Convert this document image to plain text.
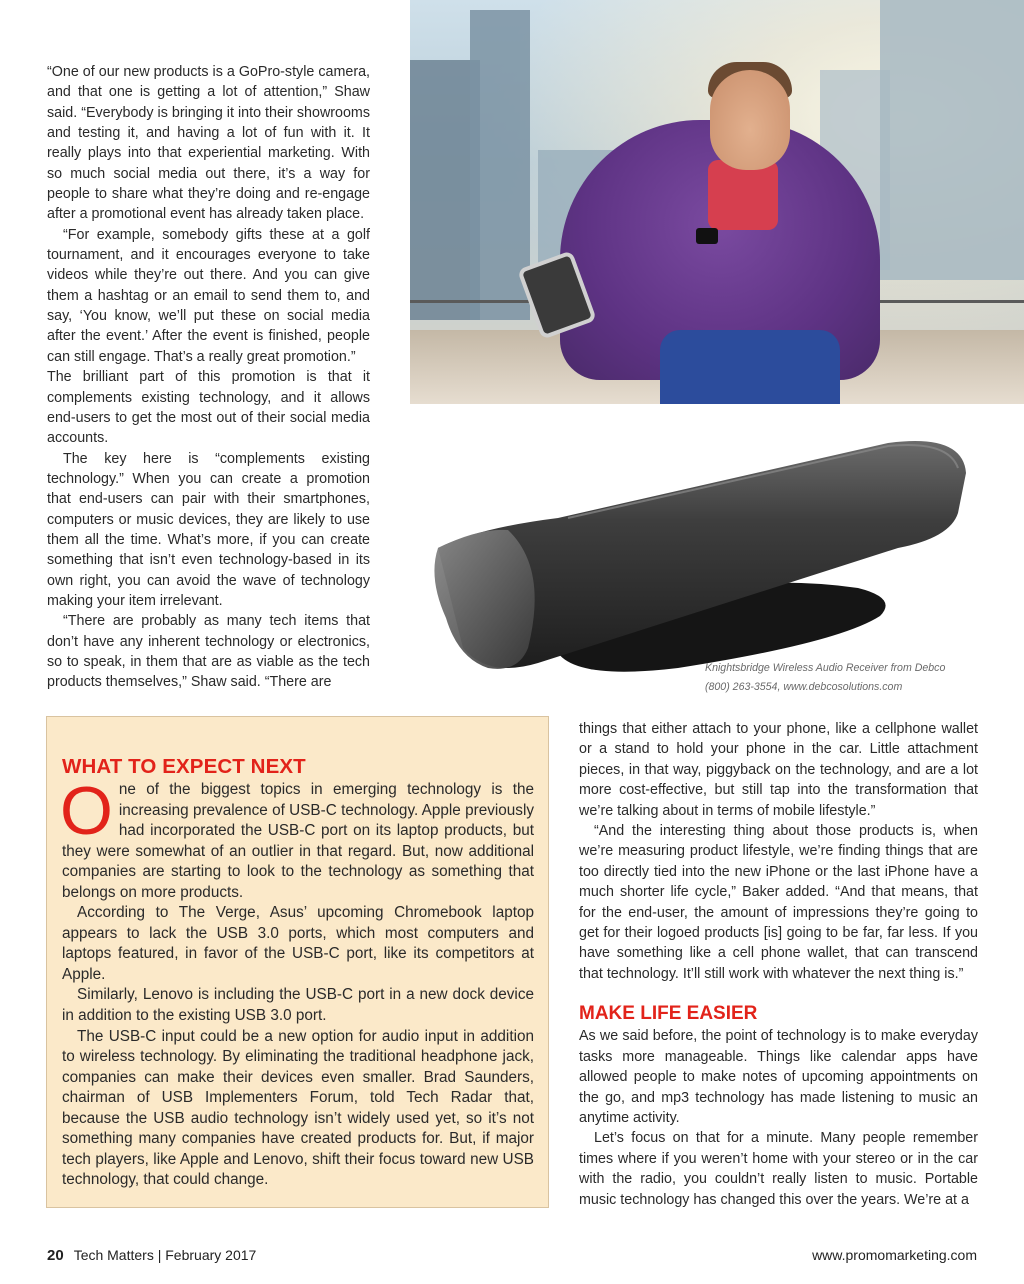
“One of our new products is a GoPro-style camera, and that one is getting a lot of attention,” Shaw said. “Everybody is bringing it into their showrooms and testing it, and having a lot of fun with it. It really plays into that experiential marketing. With so much social media out there, it’s a way for people to share what they’re doing and re-engage after a promotional event has already taken place.

“For example, somebody gifts these at a golf tournament, and it encourages everyone to take videos while they’re out there. And you can give them a hashtag or an email to send them to, and say, ‘You know, we’ll put these on social media after the event.’ After the event is finished, people can still engage. That’s a really great promotion.”

The brilliant part of this promotion is that it complements existing technology, and it allows end-users to get the most out of their social media accounts.

The key here is “complements existing technology.” When you can create a promotion that end-users can pair with their smartphones, computers or music devices, they are likely to use them all the time. What’s more, if you can create something that isn’t even technology-based in its own right, you can avoid the wave of technology making your item irrelevant.

“There are probably as many tech items that don’t have any inherent technology or electronics, so to speak, in them that are as viable as the tech products themselves,” Shaw said. “There are

Knightsbridge Wireless Audio Receiver from Debco
(800) 263-3554, www.debcosolutions.com
WHAT TO EXPECT NEXT

One of the biggest topics in emerging technology is the increasing prevalence of USB-C technology. Apple previously had incorporated the USB-C port on its laptop products, but they were somewhat of an outlier in that regard. But, now additional companies are starting to look to the technology as something that belongs on more products.

According to The Verge, Asus’ upcoming Chromebook laptop appears to lack the USB 3.0 ports, which most computers and laptops featured, in favor of the USB-C port, like its competitors at Apple.

Similarly, Lenovo is including the USB-C port in a new dock device in addition to the existing USB 3.0 port.

The USB-C input could be a new option for audio input in addition to wireless technology. By eliminating the traditional headphone jack, companies can make their devices even smaller. Brad Saunders, chairman of USB Implementers Forum, told Tech Radar that, because the USB audio technology isn’t widely used yet, so it’s not something many companies have created products for. But, if major tech players, like Apple and Lenovo, shift their focus toward new USB technology, that could change.

things that either attach to your phone, like a cellphone wallet or a stand to hold your phone in the car. Little attachment pieces, in that way, piggyback on the technology, and are a lot more cost-effective, but still tap into the transformation that we’re talking about in terms of mobile lifestyle.”

“And the interesting thing about those products is, when we’re measuring product lifestyle, we’re finding things that are too directly tied into the new iPhone or the last iPhone have a much shorter life cycle,” Baker added. “And that means, that for the end-user, the amount of impressions they’re going to get for their logoed products [is] going to be far, far less. If you have something like a cell phone wallet, that can transcend that technology. It’ll still work with whatever the next thing is.”

MAKE LIFE EASIER

As we said before, the point of technology is to make everyday tasks more manageable. Things like calendar apps have allowed people to make notes of upcoming appointments on the go, and mp3 technology has made listening to music an anytime activity.

Let’s focus on that for a minute. Many people remember times where if you weren’t home with your stereo or in the car with the radio, you couldn’t really listen to music. Portable music technology has changed this over the years. We’re at a

20 Tech Matters | February 2017	www.promomarketing.com
